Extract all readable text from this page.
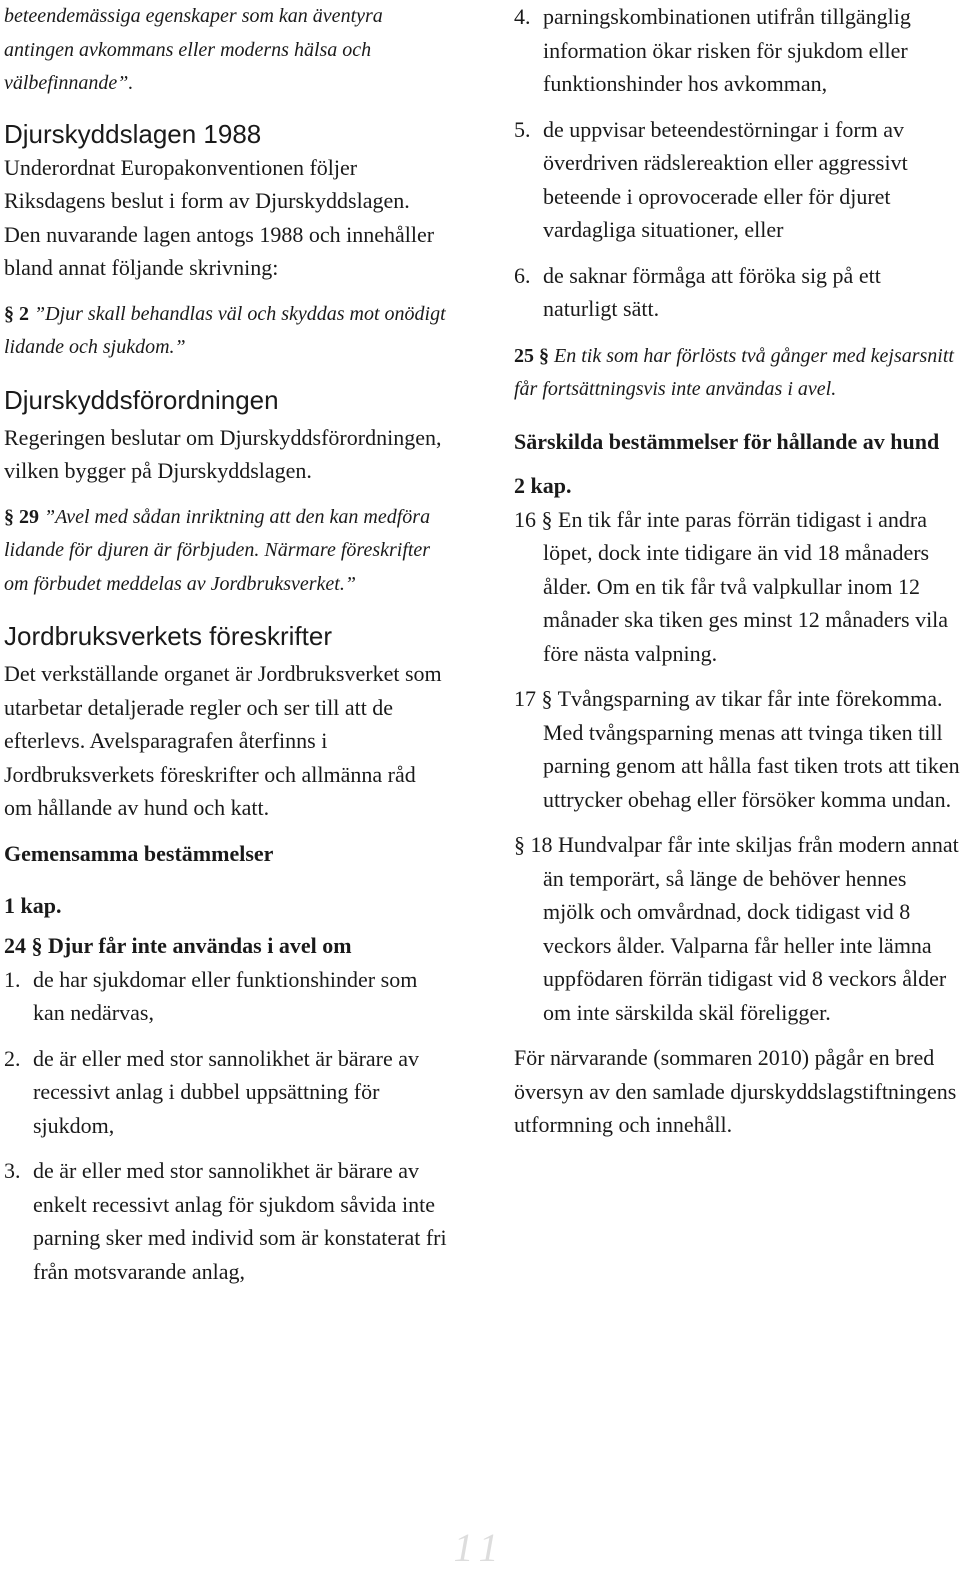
beteendemässiga egenskaper som kan äventyra antingen avkommans eller moderns hälsa och välbefinnande”.

Djurskyddslagen 1988

Underordnat Europakonventionen följer Riksdagens beslut i form av Djurskyddslagen. Den nuvarande lagen antogs 1988 och innehåller bland annat följande skrivning:

§ 2 ”Djur skall behandlas väl och skyddas mot onödigt lidande och sjukdom.”

Djurskyddsförordningen

Regeringen beslutar om Djurskyddsförordningen, vilken bygger på Djurskyddslagen.

§ 29 ”Avel med sådan inriktning att den kan medföra lidande för djuren är förbjuden. Närmare föreskrifter om förbudet meddelas av Jordbruksverket.”

Jordbruksverkets föreskrifter

Det verkställande organet är Jordbruksverket som utarbetar detaljerade regler och ser till att de efterlevs. Avelsparagrafen återfinns i Jordbruksverkets föreskrifter och allmänna råd om hållande av hund och katt.

Gemensamma bestämmelser

1 kap.

24 § Djur får inte användas i avel om

1. de har sjukdomar eller funktionshinder som kan nedärvas,
2. de är eller med stor sannolikhet är bärare av recessivt anlag i dubbel uppsättning för sjukdom,
3. de är eller med stor sannolikhet är bärare av enkelt recessivt anlag för sjukdom såvida inte parning sker med individ som är konstaterat fri från motsvarande anlag,
4. parningskombinationen utifrån tillgänglig information ökar risken för sjukdom eller funktionshinder hos avkomman,
5. de uppvisar beteendestörningar i form av överdriven rädslereaktion eller aggressivt beteende i oprovocerade eller för djuret vardagliga situationer, eller
6. de saknar förmåga att föröka sig på ett naturligt sätt.

25 § En tik som har förlösts två gånger med kejsarsnitt får fortsättningsvis inte användas i avel.

Särskilda bestämmelser för hållande av hund

2 kap.

16 § En tik får inte paras förrän tidigast i andra löpet, dock inte tidigare än vid 18 månaders ålder. Om en tik får två valpkullar inom 12 månader ska tiken ges minst 12 månaders vila före nästa valpning.

17 § Tvångsparning av tikar får inte förekomma. Med tvångsparning menas att tvinga tiken till parning genom att hålla fast tiken trots att tiken uttrycker obehag eller försöker komma undan.

§ 18 Hundvalpar får inte skiljas från modern annat än temporärt, så länge de behöver hennes mjölk och omvårdnad, dock tidigast vid 8 veckors ålder. Valparna får heller inte lämna uppfödaren förrän tidigast vid 8 veckors ålder om inte särskilda skäl föreligger.

För närvarande (sommaren 2010) pågår en bred översyn av den samlade djurskyddslagstiftningens utformning och innehåll.

11
